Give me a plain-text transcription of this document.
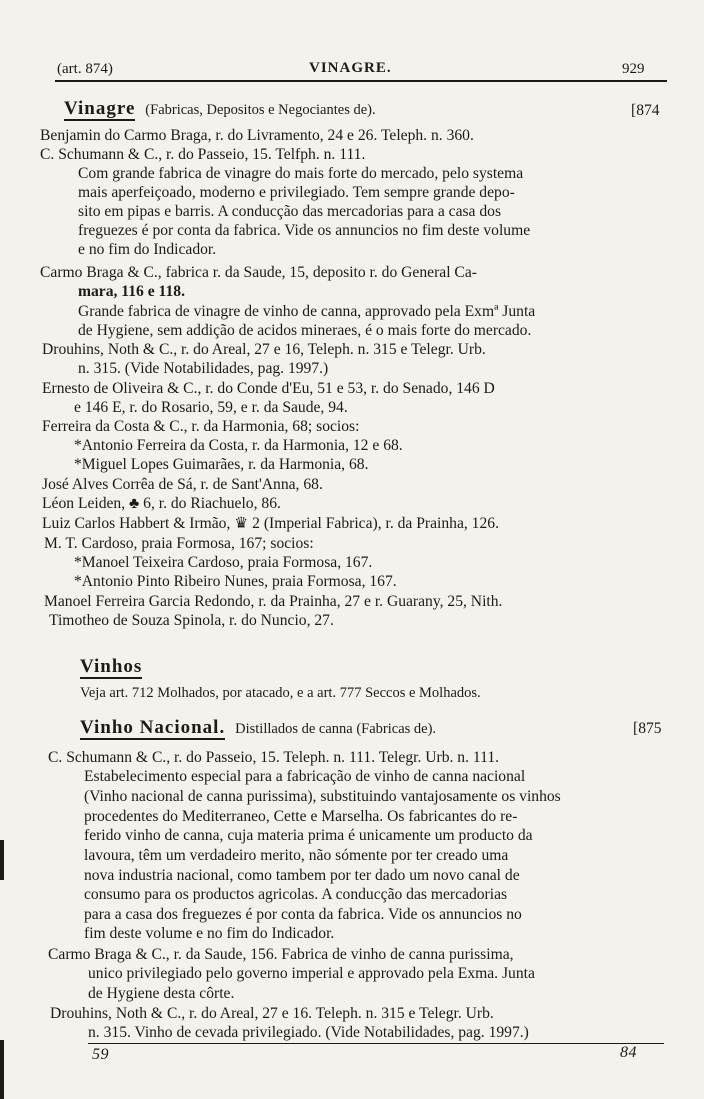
(art. 874)	VINAGRE.	929
Vinagre (Fabricas, Depositos e Negociantes de).	[874
Benjamin do Carmo Braga, r. do Livramento, 24 e 26. Teleph. n. 360.
C. Schumann & C., r. do Passeio, 15. Telfph. n. 111.
Com grande fabrica de vinagre do mais forte do mercado, pelo systema
mais aperfeiçoado, moderno e privilegiado. Tem sempre grande depo-
sito em pipas e barris. A conducção das mercadorias para a casa dos
freguezes é por conta da fabrica. Vide os annuncios no fim deste volume
e no fim do Indicador.
Carmo Braga & C., fabrica r. da Saude, 15, deposito r. do General Ca-
mara, 116 e 118.
Grande fabrica de vinagre de vinho de canna, approvado pela Exmª Junta
de Hygiene, sem addição de acidos mineraes, é o mais forte do mercado.
Drouhins, Noth & C., r. do Areal, 27 e 16, Teleph. n. 315 e Telegr. Urb.
n. 315. (Vide Notabilidades, pag. 1997.)
Ernesto de Oliveira & C., r. do Conde d'Eu, 51 e 53, r. do Senado, 146 D
e 146 E, r. do Rosario, 59, e r. da Saude, 94.
Ferreira da Costa & C., r. da Harmonia, 68; socios:
*Antonio Ferreira da Costa, r. da Harmonia, 12 e 68.
*Miguel Lopes Guimarães, r. da Harmonia, 68.
José Alves Corrêa de Sá, r. de Sant'Anna, 68.
Léon Leiden, ♣ 6, r. do Riachuelo, 86.
Luiz Carlos Habbert & Irmão, ♛ 2 (Imperial Fabrica), r. da Prainha, 126.
M. T. Cardoso, praia Formosa, 167; socios:
*Manoel Teixeira Cardoso, praia Formosa, 167.
*Antonio Pinto Ribeiro Nunes, praia Formosa, 167.
Manoel Ferreira Garcia Redondo, r. da Prainha, 27 e r. Guarany, 25, Nith.
Timotheo de Souza Spinola, r. do Nuncio, 27.
Vinhos
Veja art. 712 Molhados, por atacado, e a art. 777 Seccos e Molhados.
Vinho Nacional. Distillados de canna (Fabricas de).	[875
C. Schumann & C., r. do Passeio, 15. Teleph. n. 111. Telegr. Urb. n. 111.
Estabelecimento especial para a fabricação de vinho de canna nacional
(Vinho nacional de canna purissima), substituindo vantajosamente os vinhos
procedentes do Mediterraneo, Cette e Marselha. Os fabricantes do re-
ferido vinho de canna, cuja materia prima é unicamente um producto da
lavoura, têm um verdadeiro merito, não sómente por ter creado uma
nova industria nacional, como tambem por ter dado um novo canal de
consumo para os productos agricolas. A conducção das mercadorias
para a casa dos freguezes é por conta da fabrica. Vide os annuncios no
fim deste volume e no fim do Indicador.
Carmo Braga & C., r. da Saude, 156. Fabrica de vinho de canna purissima,
unico privilegiado pelo governo imperial e approvado pela Exma. Junta
de Hygiene desta côrte.
Drouhins, Noth & C., r. do Areal, 27 e 16. Teleph. n. 315 e Telegr. Urb.
n. 315. Vinho de cevada privilegiado. (Vide Notabilidades, pag. 1997.)
59	84
